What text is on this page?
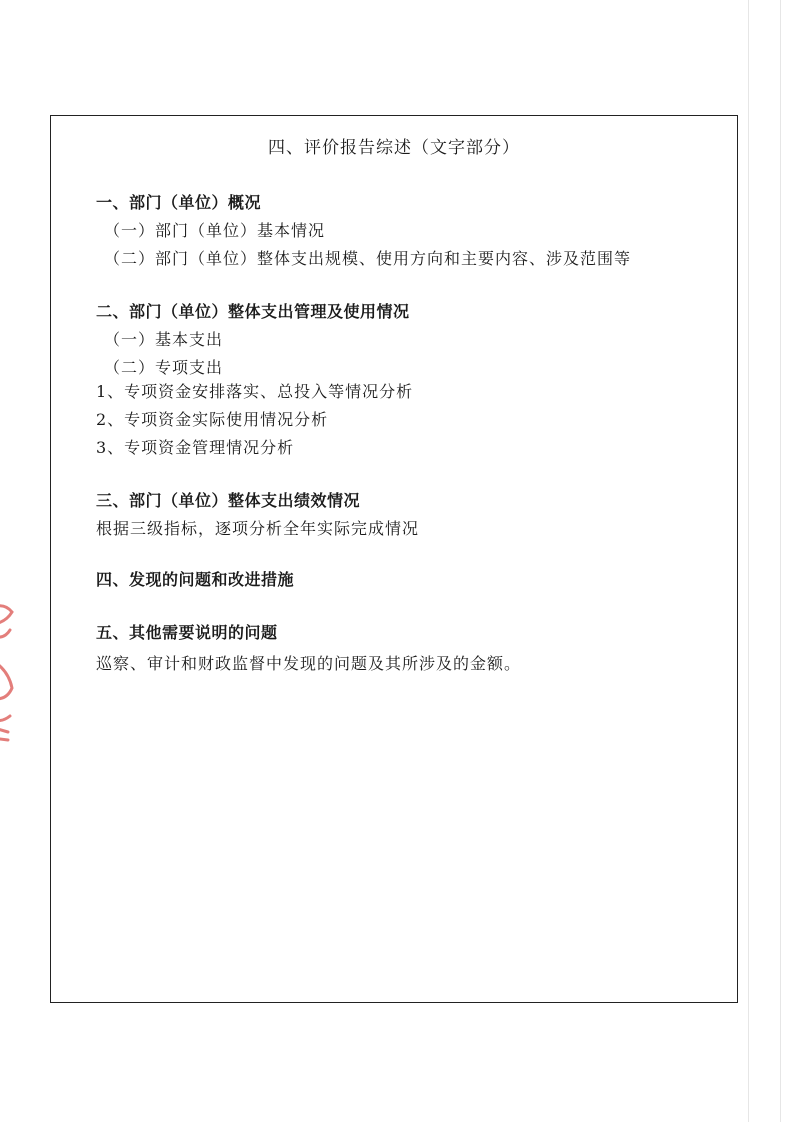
四、评价报告综述（文字部分）
一、部门（单位）概况
（一）部门（单位）基本情况
（二）部门（单位）整体支出规模、使用方向和主要内容、涉及范围等
二、部门（单位）整体支出管理及使用情况
（一）基本支出
（二）专项支出
1、专项资金安排落实、总投入等情况分析
2、专项资金实际使用情况分析
3、专项资金管理情况分析
三、部门（单位）整体支出绩效情况
根据三级指标，逐项分析全年实际完成情况
四、发现的问题和改进措施
五、其他需要说明的问题
巡察、审计和财政监督中发现的问题及其所涉及的金额。
